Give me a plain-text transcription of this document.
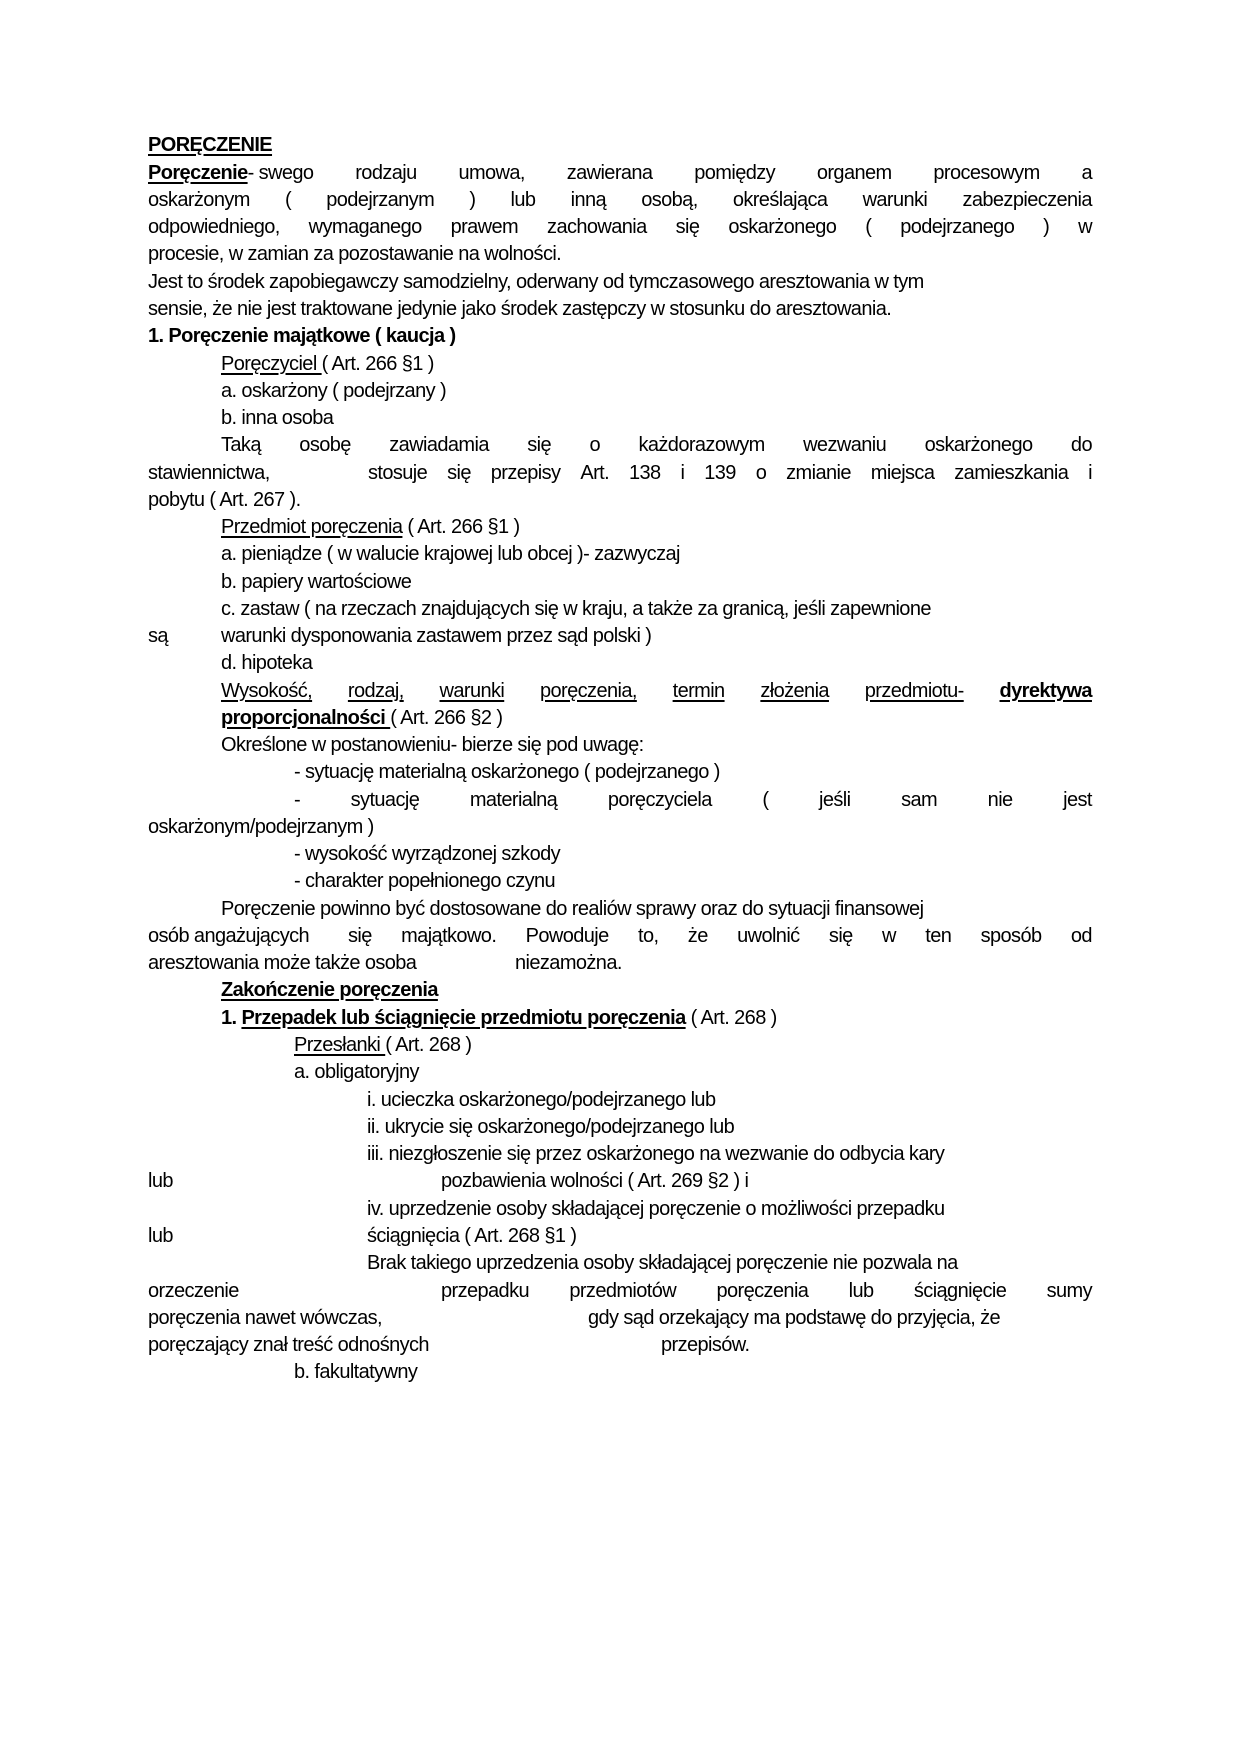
PORĘCZENIE
Poręczenie- swego rodzaju umowa, zawierana pomiędzy organem procesowym a
oskarżonym ( podejrzanym ) lub inną osobą, określająca warunki zabezpieczenia
odpowiedniego, wymaganego prawem zachowania się oskarżonego ( podejrzanego ) w
procesie, w zamian za pozostawanie na wolności.
Jest to środek zapobiegawczy samodzielny, oderwany od tymczasowego aresztowania w tym
sensie, że nie jest traktowane jedynie jako środek zastępczy w stosunku do aresztowania.
1. Poręczenie majątkowe ( kaucja )
Poręczyciel ( Art. 266 §1 )
a. oskarżony ( podejrzany )
b. inna osoba
Taką osobę zawiadamia się o każdorazowym wezwaniu oskarżonego do
stawiennictwa,	stosuje się przepisy Art. 138 i 139 o zmianie miejsca zamieszkania i
pobytu ( Art. 267 ).
Przedmiot poręczenia ( Art. 266 §1 )
a. pieniądze ( w walucie krajowej lub obcej )- zazwyczaj
b. papiery wartościowe
c. zastaw ( na rzeczach znajdujących się w kraju, a także za granicą, jeśli zapewnione
są	warunki dysponowania zastawem przez sąd polski )
d. hipoteka
Wysokość, rodzaj, warunki poręczenia, termin złożenia przedmiotu- dyrektywa
proporcjonalności ( Art. 266 §2 )
Określone w postanowieniu- bierze się pod uwagę:
- sytuację materialną oskarżonego ( podejrzanego )
-	sytuację	materialną	poręczyciela	(	jeśli	sam	nie	jest
oskarżonym/podejrzanym )
- wysokość wyrządzonej szkody
- charakter popełnionego czynu
Poręczenie powinno być dostosowane do realiów sprawy oraz do sytuacji finansowej
osób angażujących się majątkowo. Powoduje to, że uwolnić się w ten sposób od
aresztowania może także osoba	niezamożna.
Zakończenie poręczenia
1. Przepadek lub ściągnięcie przedmiotu poręczenia ( Art. 268 )
Przesłanki ( Art. 268 )
a. obligatoryjny
i. ucieczka oskarżonego/podejrzanego lub
ii. ukrycie się oskarżonego/podejrzanego lub
iii. niezgłoszenie się przez oskarżonego na wezwanie do odbycia kary
lub	pozbawienia wolności ( Art. 269 §2 ) i
iv. uprzedzenie osoby składającej poręczenie o możliwości przepadku
lub	ściągnięcia ( Art. 268 §1 )
Brak takiego uprzedzenia osoby składającej poręczenie nie pozwala na
orzeczenie	przepadku przedmiotów poręczenia lub ściągnięcie sumy
poręczenia nawet wówczas,	gdy sąd orzekający ma podstawę do przyjęcia, że
poręczający znał treść odnośnych	przepisów.
b. fakultatywny
